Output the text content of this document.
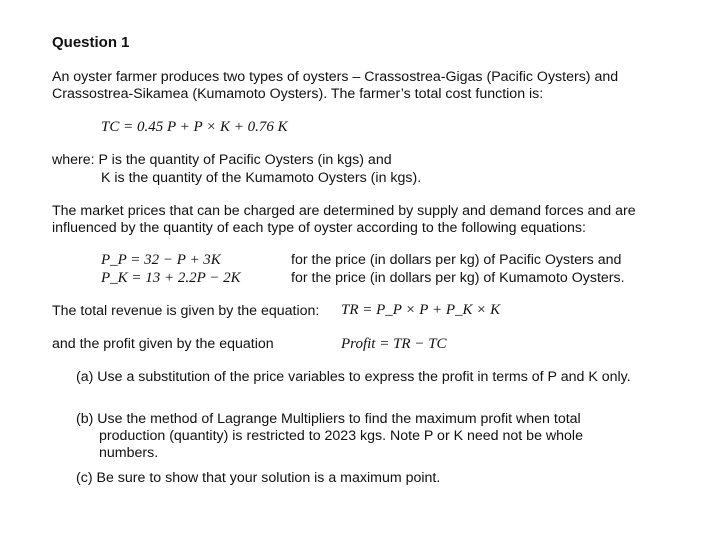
Question 1
An oyster farmer produces two types of oysters – Crassostrea-Gigas (Pacific Oysters) and
Crassostrea-Sikamea (Kumamoto Oysters). The farmer’s total cost function is:
TC = 0.45 P + P × K + 0.76 K
where: P is the quantity of Pacific Oysters (in kgs) and
K is the quantity of the Kumamoto Oysters (in kgs).
The market prices that can be charged are determined by supply and demand forces and are
influenced by the quantity of each type of oyster according to the following equations:
P_P = 32 − P + 3K	for the price (in dollars per kg) of Pacific Oysters and
P_K = 13 + 2.2P − 2K	for the price (in dollars per kg) of Kumamoto Oysters.
The total revenue is given by the equation: TR = P_P × P + P_K × K
and the profit given by the equation	Profit = TR − TC
(a) Use a substitution of the price variables to express the profit in terms of P and K only.
(b) Use the method of Lagrange Multipliers to find the maximum profit when total
production (quantity) is restricted to 2023 kgs. Note P or K need not be whole
numbers.
(c) Be sure to show that your solution is a maximum point.
